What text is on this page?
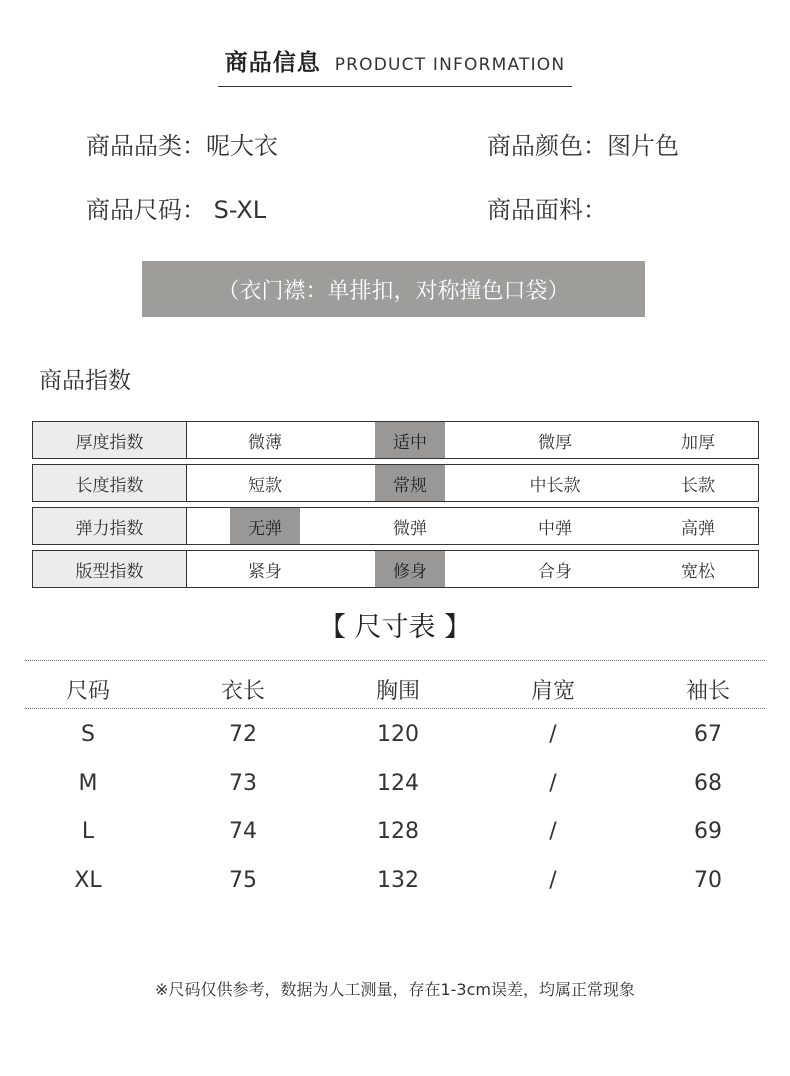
商品信息 PRODUCT INFORMATION
商品品类：呢大衣	商品颜色：图片色
商品尺码： S-XL	商品面料：
（衣门襟：单排扣，对称撞色口袋）
商品指数
厚度指数	微薄	适中	微厚	加厚
长度指数	短款	常规	中长款	长款
弹力指数	无弹	微弹	中弹	高弹
版型指数	紧身	修身	合身	宽松
【 尺寸表 】
尺码	衣长	胸围	肩宽	袖长
S	72	120	/	67
M	73	124	/	68
L	74	128	/	69
XL	75	132	/	70
※尺码仅供参考，数据为人工测量，存在1-3cm误差，均属正常现象
